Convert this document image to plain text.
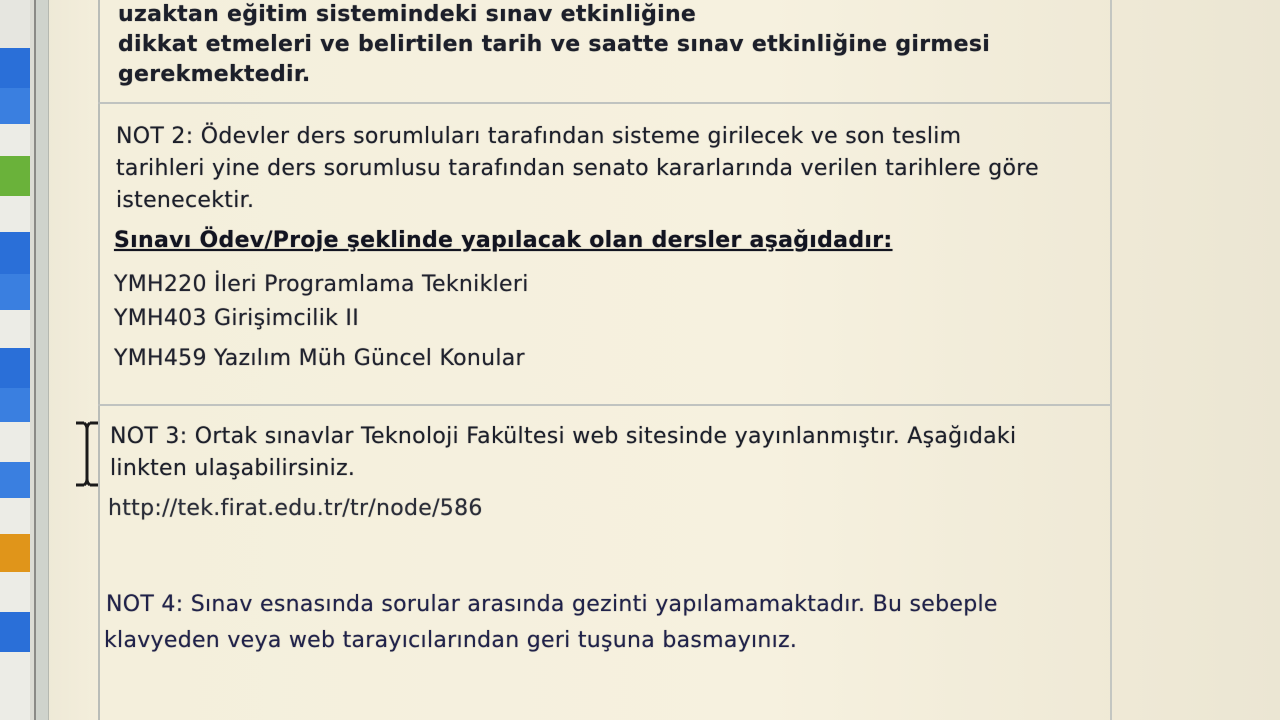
uzaktan eğitim sistemindeki sınav etkinliğine
dikkat etmeleri ve belirtilen tarih ve saatte sınav etkinliğine girmesi
gerekmektedir.
NOT 2: Ödevler ders sorumluları tarafından sisteme girilecek ve son teslim
tarihleri yine ders sorumlusu tarafından senato kararlarında verilen tarihlere göre
istenecektir.
Sınavı Ödev/Proje şeklinde yapılacak olan dersler aşağıdadır:
YMH220 İleri Programlama Teknikleri
YMH403 Girişimcilik II
YMH459 Yazılım Müh Güncel Konular
NOT 3: Ortak sınavlar Teknoloji Fakültesi web sitesinde yayınlanmıştır. Aşağıdaki
linkten ulaşabilirsiniz.
http://tek.firat.edu.tr/tr/node/586
NOT 4: Sınav esnasında sorular arasında gezinti yapılamamaktadır. Bu sebeple
klavyeden veya web tarayıcılarından geri tuşuna basmayınız.
